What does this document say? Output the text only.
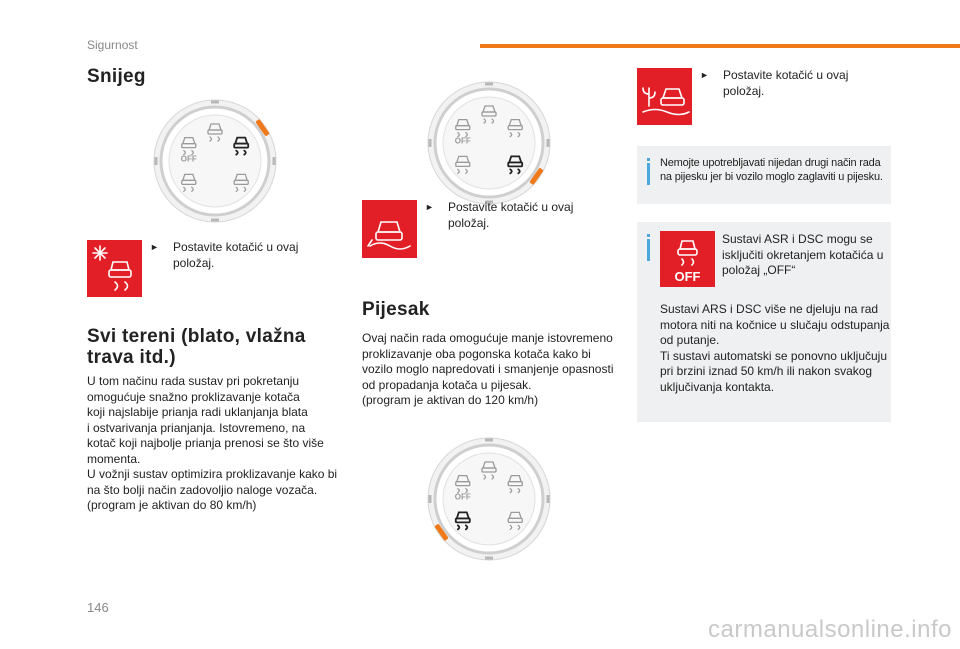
Sigurnost
Snijeg
OFF
► Postavite kotačić u ovaj položaj.
Svi tereni (blato, vlažna
trava itd.)
U tom načinu rada sustav pri pokretanju
omogućuje snažno proklizavanje kotača
koji najslabije prianja radi uklanjanja blata
i ostvarivanja prianjanja. Istovremeno, na
kotač koji najbolje prianja prenosi se što više
momenta.
U vožnji sustav optimizira proklizavanje kako bi
na što bolji način zadovoljio naloge vozača.
(program je aktivan do 80 km/h)
OFF
► Postavite kotačić u ovaj položaj.
Pijesak
Ovaj način rada omogućuje manje istovremeno
proklizavanje oba pogonska kotača kako bi
vozilo moglo napredovati i smanjenje opasnosti
od propadanja kotača u pijesak.
(program je aktivan do 120 km/h)
OFF
► Postavite kotačić u ovaj položaj.
Nemojte upotrebljavati nijedan drugi način rada
na pijesku jer bi vozilo moglo zaglaviti u pijesku.
OFF
Sustavi ASR i DSC mogu se
isključiti okretanjem kotačića u
položaj „OFF“
Sustavi ARS i DSC više ne djeluju na rad
motora niti na kočnice u slučaju odstupanja
od putanje.
Ti sustavi automatski se ponovno uključuju
pri brzini iznad 50 km/h ili nakon svakog
uključivanja kontakta.
146
carmanualsonline.info
